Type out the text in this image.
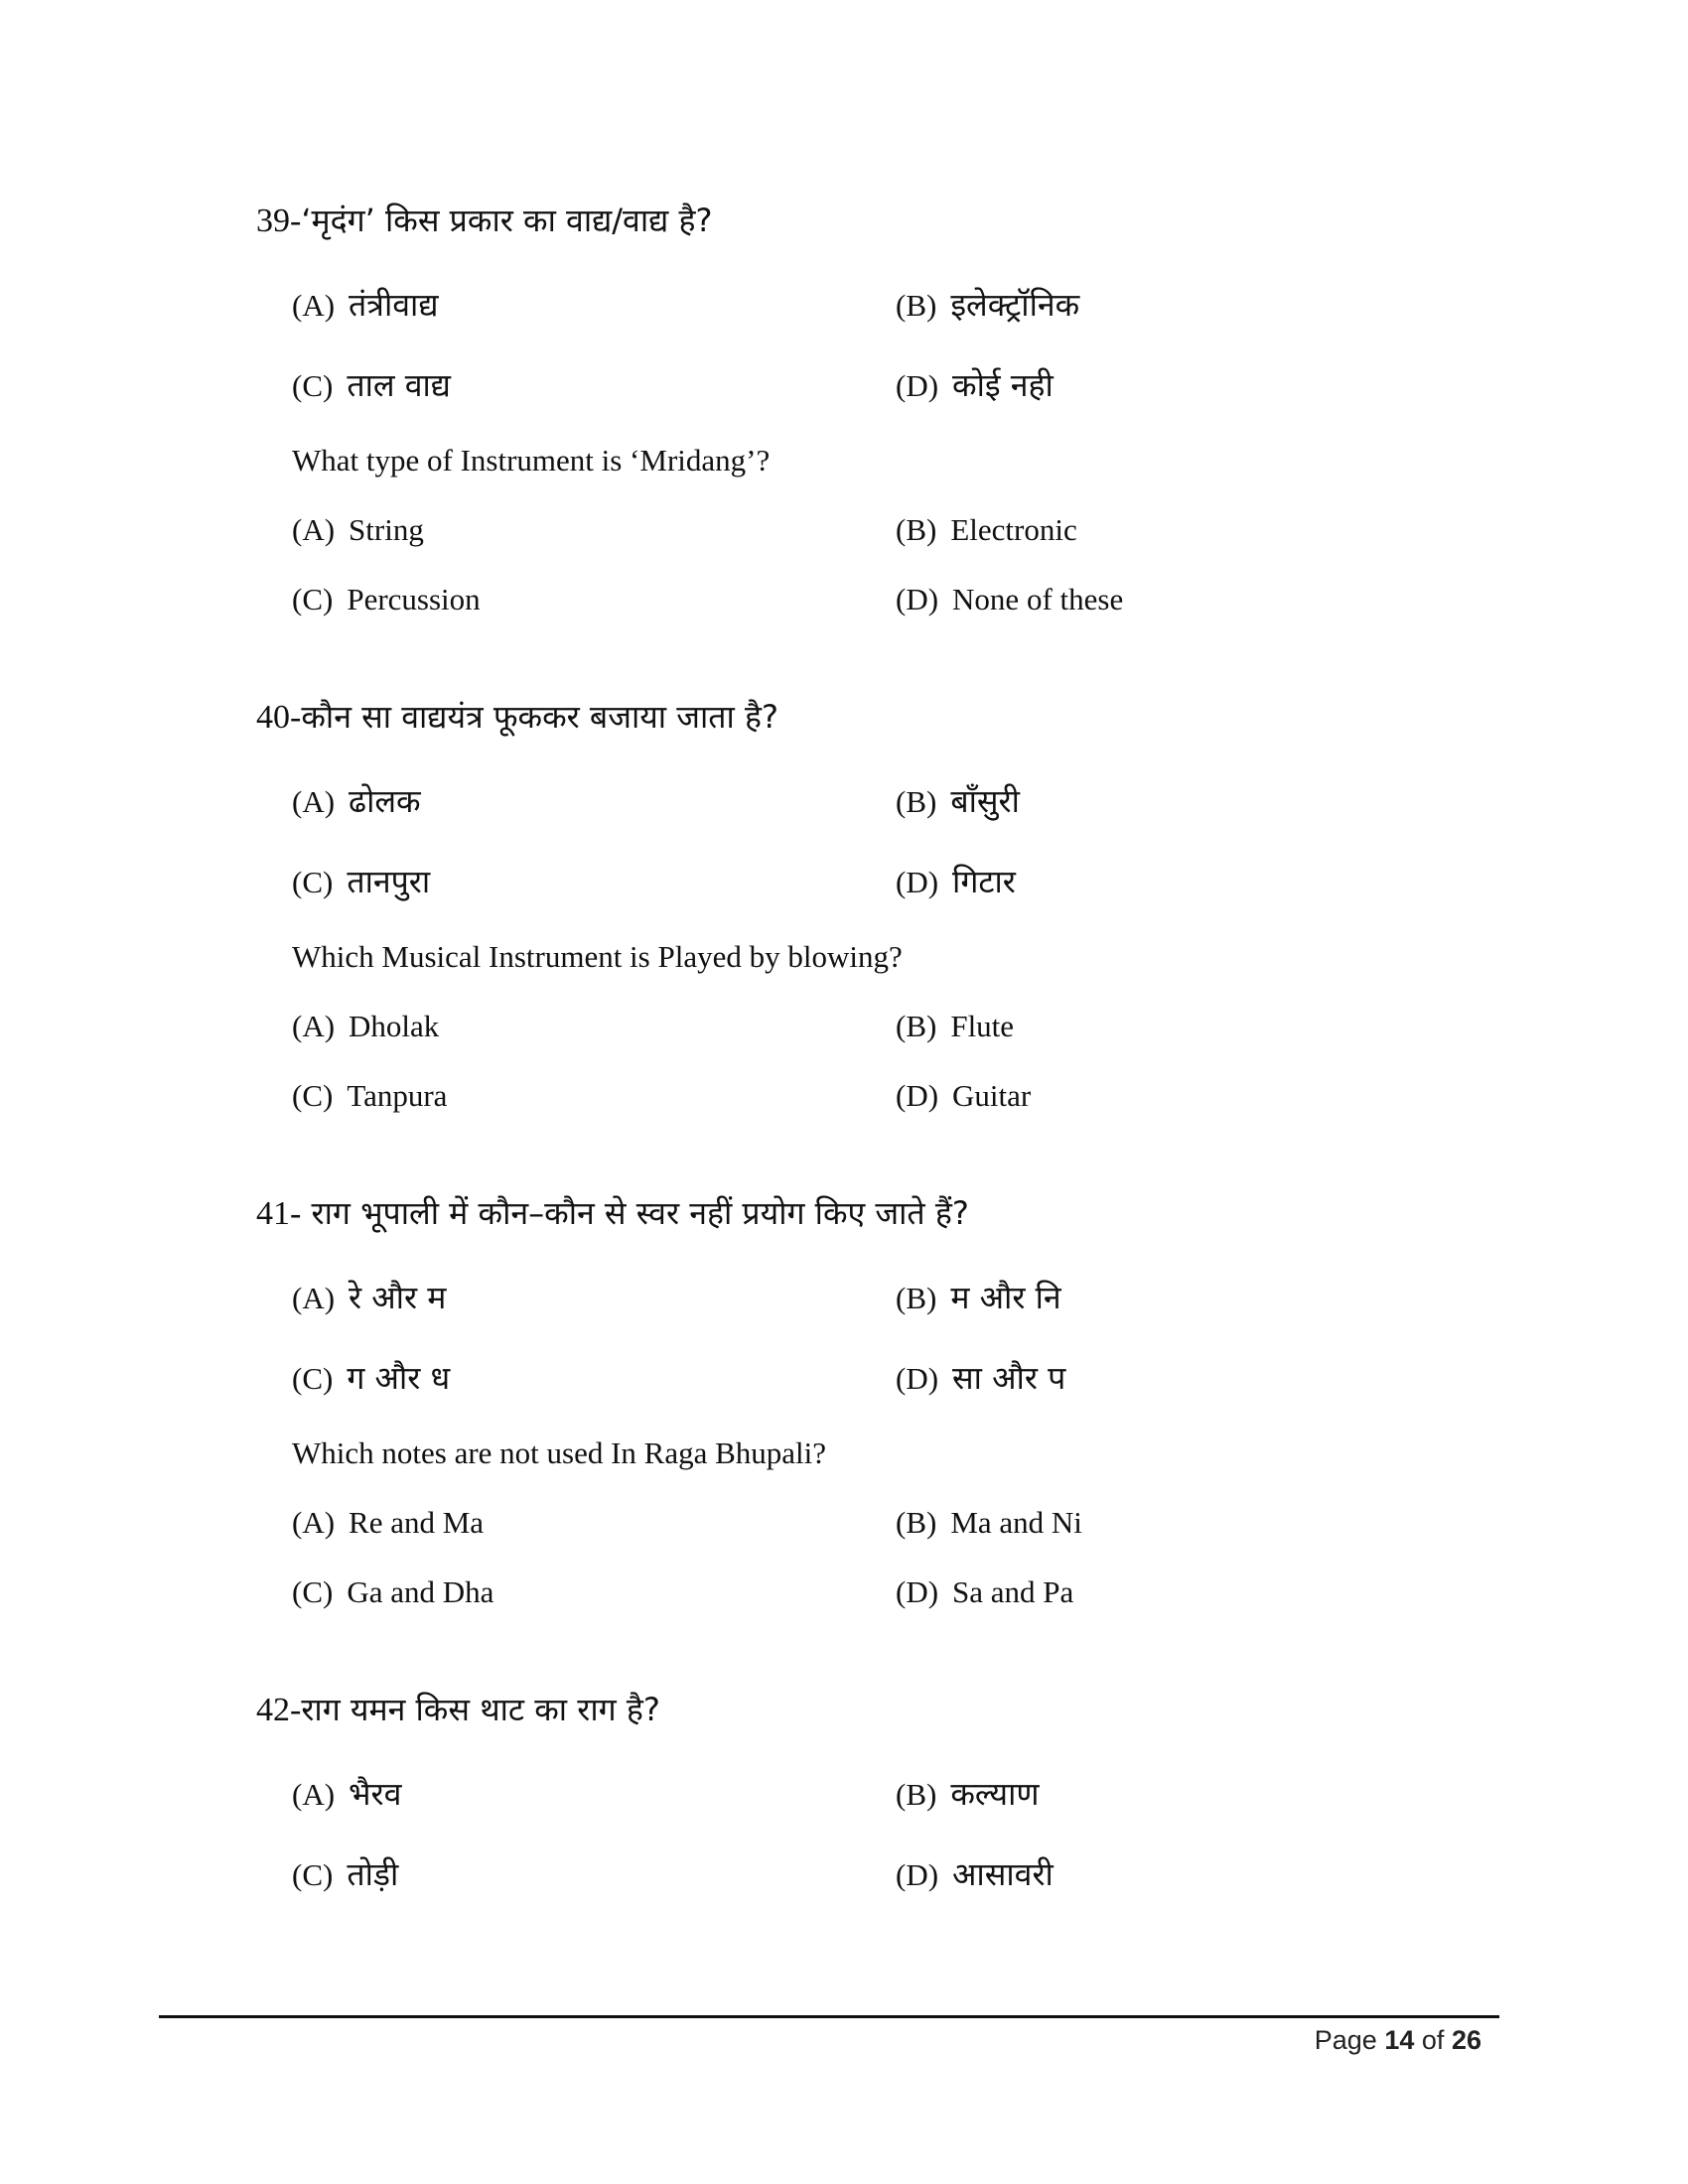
39-‘मृदंग’ किस प्रकार का वाद्य/वाद्य है?
(A) तंत्रीवाद्य	(B) इलेक्ट्रॉनिक
(C) ताल वाद्य	(D) कोई नही
What type of Instrument is ‘Mridang’?
(A) String	(B) Electronic
(C) Percussion	(D) None of these
40-कौन सा वाद्ययंत्र फूककर बजाया जाता है?
(A) ढोलक	(B) बाँसुरी
(C) तानपुरा	(D) गिटार
Which Musical Instrument is Played by blowing?
(A) Dholak	(B) Flute
(C) Tanpura	(D) Guitar
41- राग भूपाली में कौन–कौन से स्वर नहीं प्रयोग किए जाते हैं?
(A) रे और म	(B) म और नि
(C) ग और ध	(D) सा और प
Which notes are not used In Raga Bhupali?
(A) Re and Ma	(B) Ma and Ni
(C) Ga and Dha	(D) Sa and Pa
42-राग यमन किस थाट का राग है?
(A) भैरव	(B) कल्याण
(C) तोड़ी	(D) आसावरी
Page 14 of 26
